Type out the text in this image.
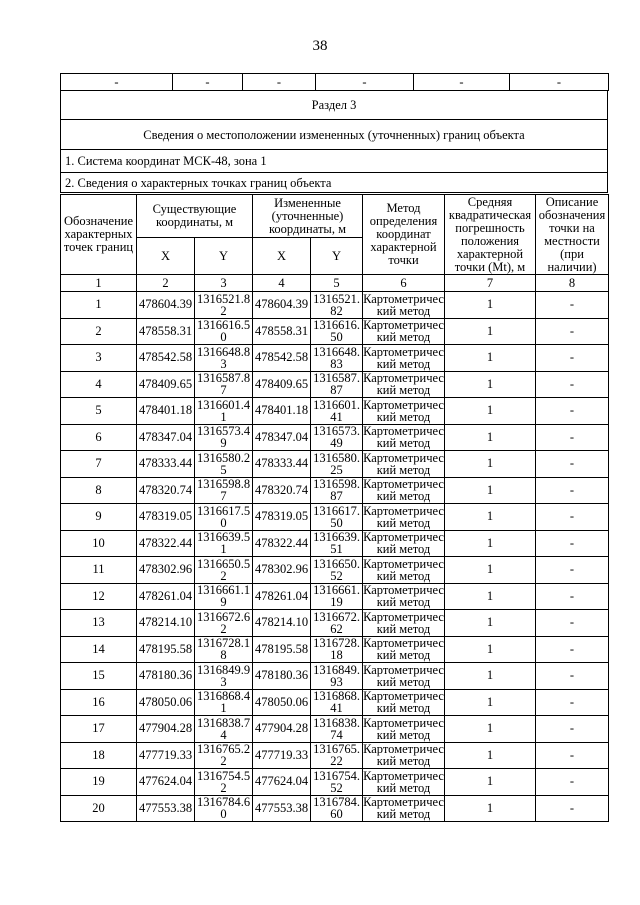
38
-	-	-	-	-	-
Раздел 3
Сведения о местоположении измененных (уточненных) границ объекта
1. Система координат МСК-48, зона 1
2. Сведения о характерных точках границ объекта
Обозначение характерных точек границ	Существующие координаты, м		Измененные (уточненные) координаты, м		Метод определения координат характерной точки	Средняя квадратическая погрешность положения характерной точки (Mt), м	Описание обозначения точки на местности (при наличии)
	X	Y	X	Y			
1	2	3	4	5	6	7	8
1	478604.39	1316521.82	478604.39	1316521.82	Картометрический метод	1	-
2	478558.31	1316616.50	478558.31	1316616.50	Картометрический метод	1	-
3	478542.58	1316648.83	478542.58	1316648.83	Картометрический метод	1	-
4	478409.65	1316587.87	478409.65	1316587.87	Картометрический метод	1	-
5	478401.18	1316601.41	478401.18	1316601.41	Картометрический метод	1	-
6	478347.04	1316573.49	478347.04	1316573.49	Картометрический метод	1	-
7	478333.44	1316580.25	478333.44	1316580.25	Картометрический метод	1	-
8	478320.74	1316598.87	478320.74	1316598.87	Картометрический метод	1	-
9	478319.05	1316617.50	478319.05	1316617.50	Картометрический метод	1	-
10	478322.44	1316639.51	478322.44	1316639.51	Картометрический метод	1	-
11	478302.96	1316650.52	478302.96	1316650.52	Картометрический метод	1	-
12	478261.04	1316661.19	478261.04	1316661.19	Картометрический метод	1	-
13	478214.10	1316672.62	478214.10	1316672.62	Картометрический метод	1	-
14	478195.58	1316728.18	478195.58	1316728.18	Картометрический метод	1	-
15	478180.36	1316849.93	478180.36	1316849.93	Картометрический метод	1	-
16	478050.06	1316868.41	478050.06	1316868.41	Картометрический метод	1	-
17	477904.28	1316838.74	477904.28	1316838.74	Картометрический метод	1	-
18	477719.33	1316765.22	477719.33	1316765.22	Картометрический метод	1	-
19	477624.04	1316754.52	477624.04	1316754.52	Картометрический метод	1	-
20	477553.38	1316784.60	477553.38	1316784.60	Картометрический метод	1	-
